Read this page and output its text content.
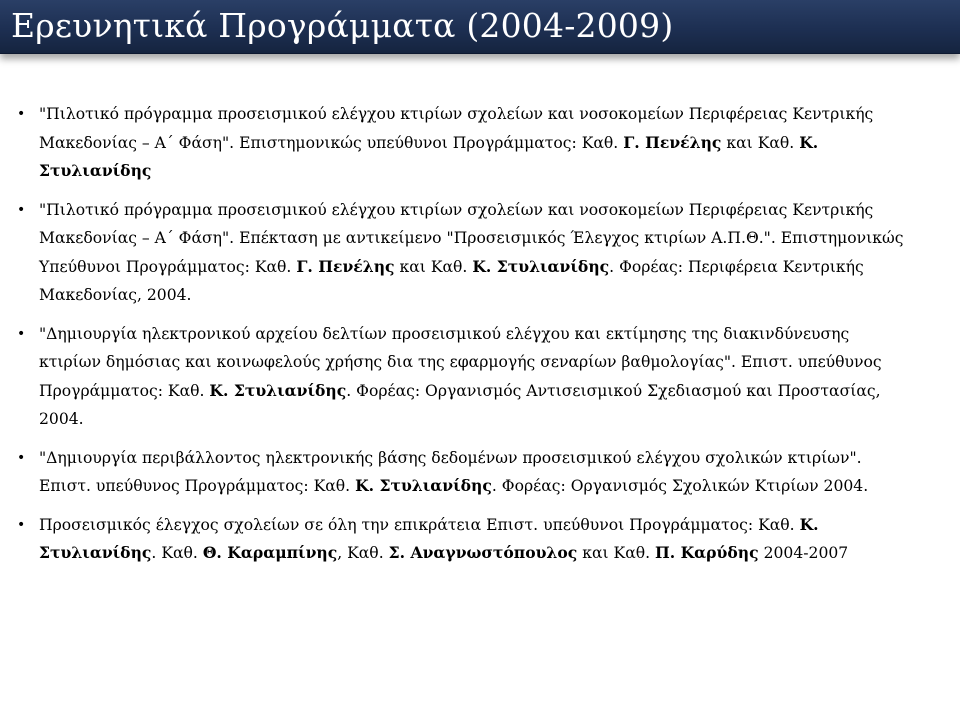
Ερευνητικά Προγράμματα (2004-2009)
• "Πιλοτικό πρόγραμμα προσεισμικού ελέγχου κτιρίων σχολείων και νοσοκομείων Περιφέρειας Κεντρικής Μακεδονίας – Α΄ Φάση". Επιστημονικώς υπεύθυνοι Προγράμματος: Καθ. Γ. Πενέλης και Καθ. Κ. Στυλιανίδης
• "Πιλοτικό πρόγραμμα προσεισμικού ελέγχου κτιρίων σχολείων και νοσοκομείων Περιφέρειας Κεντρικής Μακεδονίας – Α΄ Φάση". Επέκταση με αντικείμενο "Προσεισμικός Έλεγχος κτιρίων Α.Π.Θ.". Επιστημονικώς Υπεύθυνοι Προγράμματος: Καθ. Γ. Πενέλης και Καθ. Κ. Στυλιανίδης. Φορέας: Περιφέρεια Κεντρικής Μακεδονίας, 2004.
• "Δημιουργία ηλεκτρονικού αρχείου δελτίων προσεισμικού ελέγχου και εκτίμησης της διακινδύνευσης κτιρίων δημόσιας και κοινωφελούς χρήσης δια της εφαρμογής σεναρίων βαθμολογίας". Επιστ. υπεύθυνος Προγράμματος: Καθ. Κ. Στυλιανίδης. Φορέας: Οργανισμός Αντισεισμικού Σχεδιασμού και Προστασίας, 2004.
• "Δημιουργία περιβάλλοντος ηλεκτρονικής βάσης δεδομένων προσεισμικού ελέγχου σχολικών κτιρίων". Επιστ. υπεύθυνος Προγράμματος: Καθ. Κ. Στυλιανίδης. Φορέας: Οργανισμός Σχολικών Κτιρίων 2004.
• Προσεισμικός έλεγχος σχολείων σε όλη την επικράτεια Επιστ. υπεύθυνοι Προγράμματος: Καθ. Κ. Στυλιανίδης. Καθ. Θ. Καραμπίνης, Καθ. Σ. Αναγνωστόπουλος και Καθ. Π. Καρύδης 2004-2007
